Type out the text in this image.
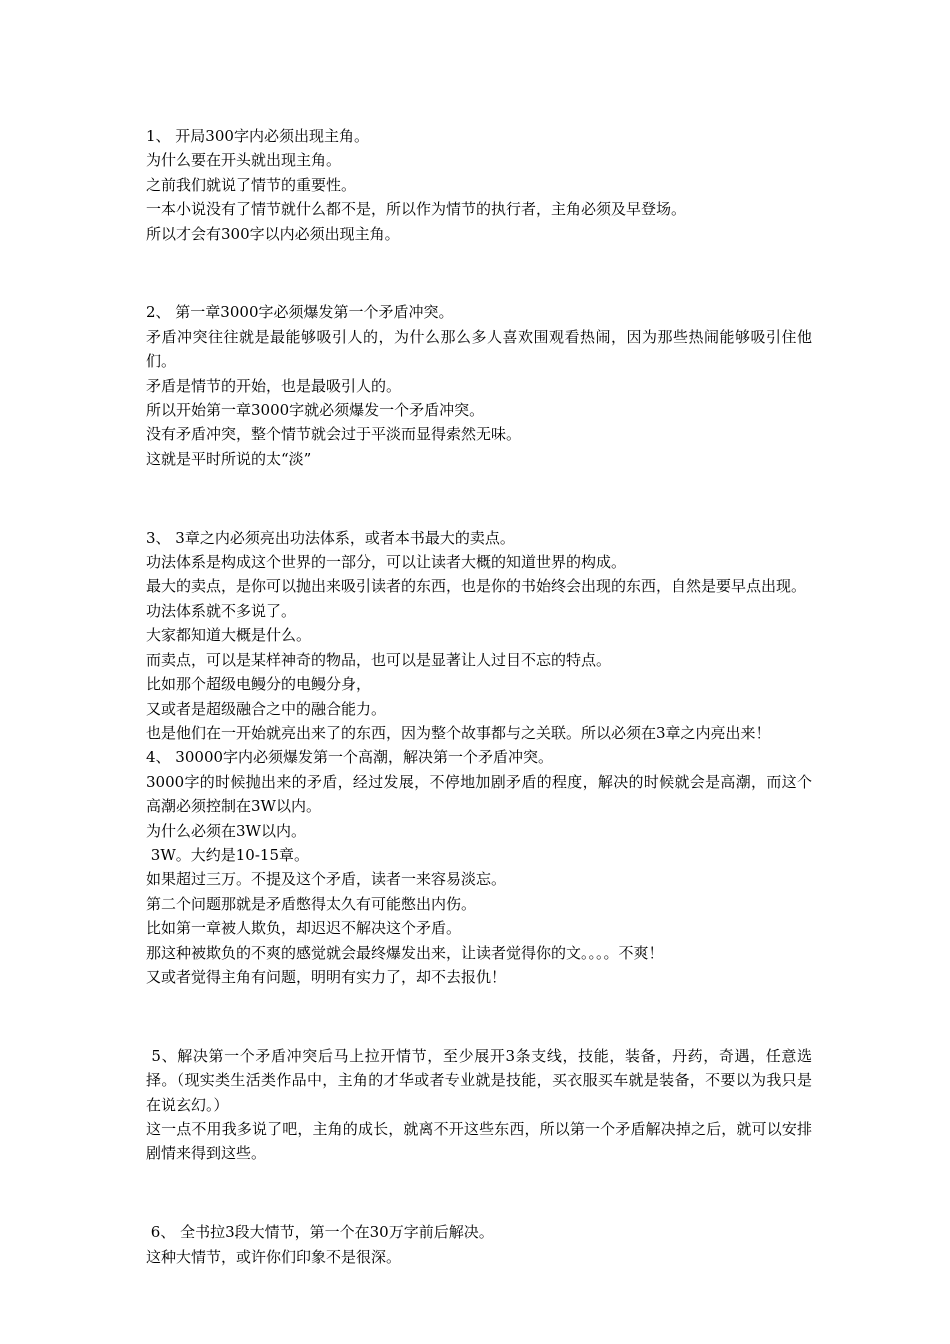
1、 开局300字内必须出现主角。

为什么要在开头就出现主角。

之前我们就说了情节的重要性。

一本小说没有了情节就什么都不是，所以作为情节的执行者，主角必须及早登场。

所以才会有300字以内必须出现主角。

2、 第一章3000字必须爆发第一个矛盾冲突。

矛盾冲突往往就是最能够吸引人的，为什么那么多人喜欢围观看热闹，因为那些热闹能够吸引住他们。

矛盾是情节的开始，也是最吸引人的。

所以开始第一章3000字就必须爆发一个矛盾冲突。

没有矛盾冲突，整个情节就会过于平淡而显得索然无味。

这就是平时所说的太“淡”

3、 3章之内必须亮出功法体系，或者本书最大的卖点。

功法体系是构成这个世界的一部分，可以让读者大概的知道世界的构成。

最大的卖点，是你可以抛出来吸引读者的东西，也是你的书始终会出现的东西，自然是要早点出现。

功法体系就不多说了。

大家都知道大概是什么。

而卖点，可以是某样神奇的物品，也可以是显著让人过目不忘的特点。

比如那个超级电鳗分的电鳗分身，

又或者是超级融合之中的融合能力。

也是他们在一开始就亮出来了的东西，因为整个故事都与之关联。所以必须在3章之内亮出来！

4、 30000字内必须爆发第一个高潮，解决第一个矛盾冲突。

3000字的时候抛出来的矛盾，经过发展，不停地加剧矛盾的程度，解决的时候就会是高潮，而这个高潮必须控制在3W以内。

为什么必须在3W以内。

3W。大约是10-15章。

如果超过三万。不提及这个矛盾，读者一来容易淡忘。

第二个问题那就是矛盾憋得太久有可能憋出内伤。

比如第一章被人欺负，却迟迟不解决这个矛盾。

那这种被欺负的不爽的感觉就会最终爆发出来，让读者觉得你的文。。。。不爽！

又或者觉得主角有问题，明明有实力了，却不去报仇！

5、解决第一个矛盾冲突后马上拉开情节，至少展开3条支线，技能，装备，丹药，奇遇，任意选择。（现实类生活类作品中，主角的才华或者专业就是技能，买衣服买车就是装备，不要以为我只是在说玄幻。）

这一点不用我多说了吧，主角的成长，就离不开这些东西，所以第一个矛盾解决掉之后，就可以安排剧情来得到这些。

6、 全书拉3段大情节，第一个在30万字前后解决。

这种大情节，或许你们印象不是很深。
